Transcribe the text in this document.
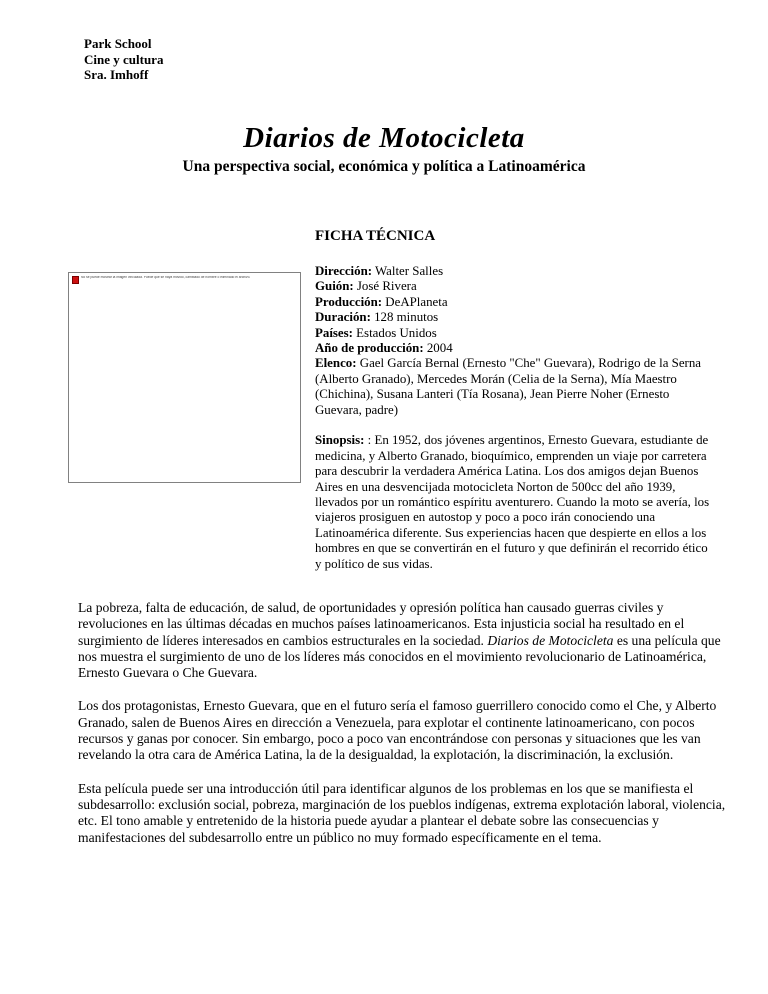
Park School
Cine y cultura
Sra. Imhoff
Diarios de Motocicleta
Una perspectiva social, económica y política a Latinoamérica
No se puede mostrar la imagen vinculada. Puede que se haya movido, cambiado de nombre o eliminado el archivo.
FICHA TÉCNICA
Dirección: Walter Salles
Guión: José Rivera
Producción: DeAPlaneta
Duración: 128 minutos
Países: Estados Unidos
Año de producción: 2004

Elenco: Gael García Bernal (Ernesto "Che" Guevara), Rodrigo de la Serna (Alberto Granado), Mercedes Morán (Celia de la Serna), Mía Maestro (Chichina), Susana Lanteri (Tía Rosana), Jean Pierre Noher (Ernesto Guevara, padre)

Sinopsis: : En 1952, dos jóvenes argentinos, Ernesto Guevara, estudiante de medicina, y Alberto Granado, bioquímico, emprenden un viaje por carretera para descubrir la verdadera América Latina. Los dos amigos dejan Buenos Aires en una desvencijada motocicleta Norton de 500cc del año 1939, llevados por un romántico espíritu aventurero. Cuando la moto se avería, los viajeros prosiguen en autostop y poco a poco irán conociendo una Latinoamérica diferente. Sus experiencias hacen que despierte en ellos a los hombres en que se convertirán en el futuro y que definirán el recorrido ético y político de sus vidas.

La pobreza, falta de educación, de salud, de oportunidades y opresión política han causado guerras civiles y revoluciones en las últimas décadas en muchos países latinoamericanos. Esta injusticia social ha resultado en el surgimiento de líderes interesados en cambios estructurales en la sociedad. Diarios de Motocicleta es una película que nos muestra el surgimiento de uno de los líderes más conocidos en el movimiento revolucionario de Latinoamérica, Ernesto Guevara o Che Guevara.

Los dos protagonistas, Ernesto Guevara, que en el futuro sería el famoso guerrillero conocido como el Che, y Alberto Granado, salen de Buenos Aires en dirección a Venezuela, para explotar el continente latinoamericano, con pocos recursos y ganas por conocer. Sin embargo, poco a poco van encontrándose con personas y situaciones que les van revelando la otra cara de América Latina, la de la desigualdad, la explotación, la discriminación, la exclusión.

Esta película puede ser una introducción útil para identificar algunos de los problemas en los que se manifiesta el subdesarrollo: exclusión social, pobreza, marginación de los pueblos indígenas, extrema explotación laboral, violencia, etc. El tono amable y entretenido de la historia puede ayudar a plantear el debate sobre las consecuencias y manifestaciones del subdesarrollo entre un público no muy formado específicamente en el tema.
